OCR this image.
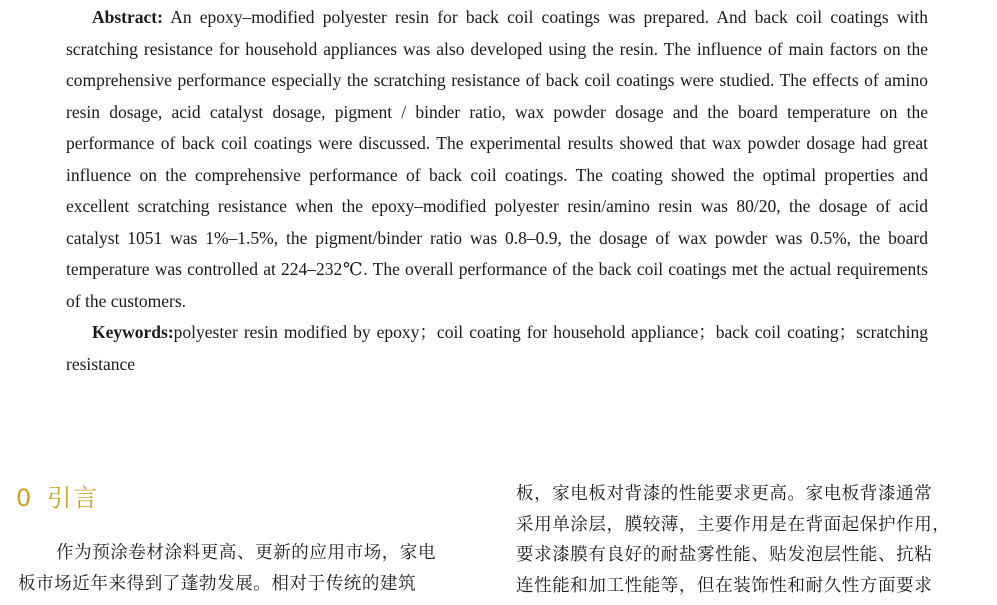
Abstract: An epoxy–modified polyester resin for back coil coatings was prepared. And back coil coatings with scratching resistance for household appliances was also developed using the resin. The influence of main factors on the comprehensive performance especially the scratching resistance of back coil coatings were studied. The effects of amino resin dosage, acid catalyst dosage, pigment / binder ratio, wax powder dosage and the board temperature on the performance of back coil coatings were discussed. The experimental results showed that wax powder dosage had great influence on the comprehensive performance of back coil coatings. The coating showed the optimal properties and excellent scratching resistance when the epoxy–modified polyester resin/amino resin was 80/20, the dosage of acid catalyst 1051 was 1%–1.5%, the pigment/binder ratio was 0.8–0.9, the dosage of wax powder was 0.5%, the board temperature was controlled at 224–232℃. The overall performance of the back coil coatings met the actual requirements of the customers.

Keywords:polyester resin modified by epoxy；coil coating for household appliance；back coil coating；scratching resistance

0 引言
作为预涂卷材涂料更高、更新的应用市场，家电
板市场近年来得到了蓬勃发展。相对于传统的建筑
板，家电板对背漆的性能要求更高。家电板背漆通常
采用单涂层，膜较薄，主要作用是在背面起保护作用，
要求漆膜有良好的耐盐雾性能、贴发泡层性能、抗粘
连性能和加工性能等，但在装饰性和耐久性方面要求
